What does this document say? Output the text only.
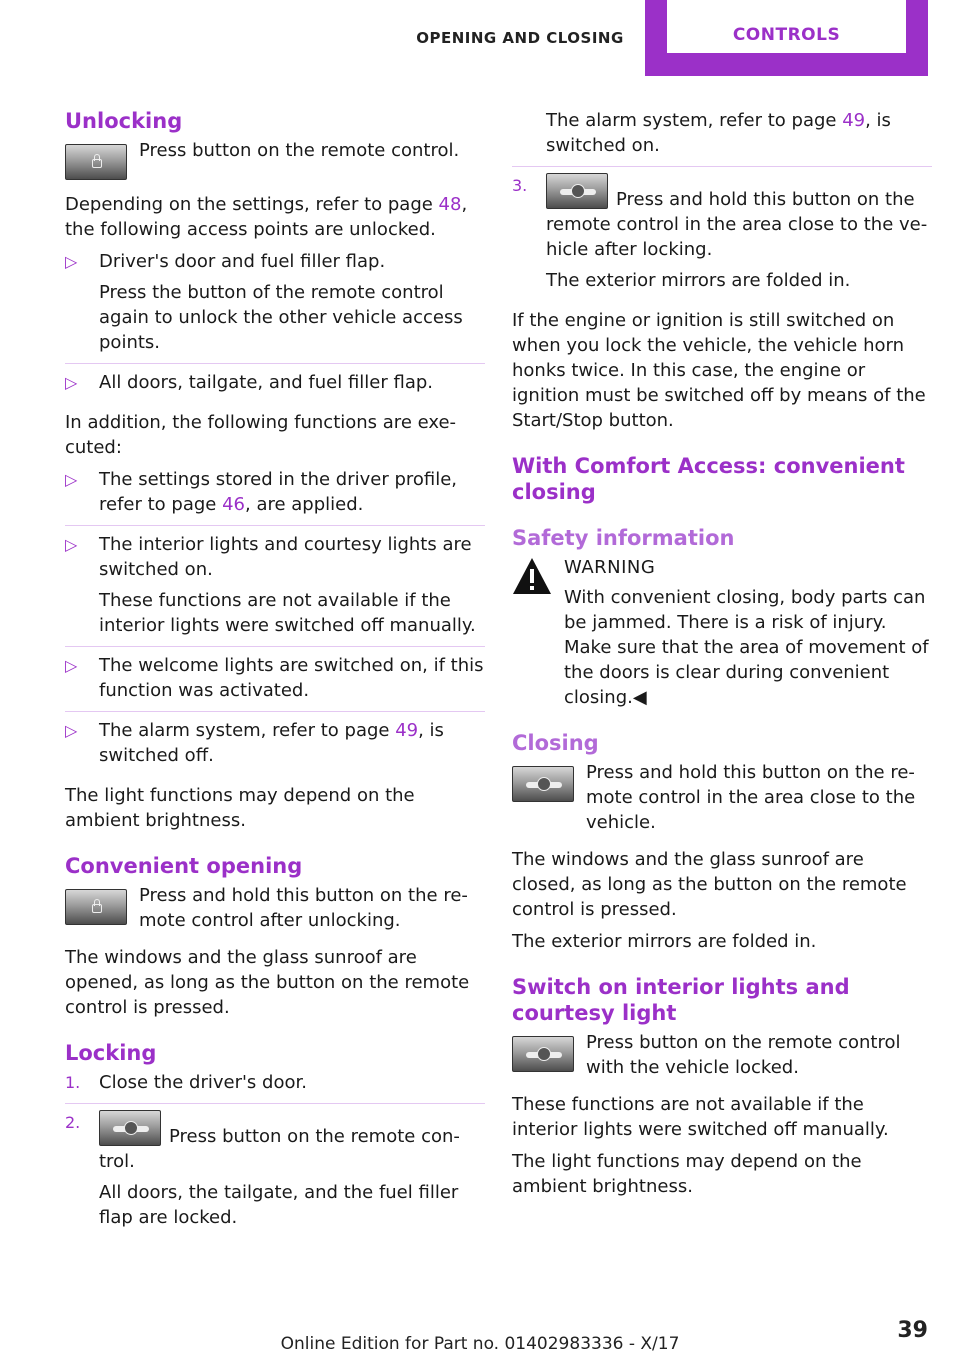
OPENING AND CLOSING	CONTROLS
Unlocking
Press button on the remote control.

Depending on the settings, refer to page 48, the following access points are unlocked.

▷ Driver's door and fuel filler flap.
Press the button of the remote control again to unlock the other vehicle access points.
▷ All doors, tailgate, and fuel filler flap.

In addition, the following functions are executed:

▷ The settings stored in the driver profile, refer to page 46, are applied.
▷ The interior lights and courtesy lights are switched on.
These functions are not available if the interior lights were switched off manually.
▷ The welcome lights are switched on, if this function was activated.
▷ The alarm system, refer to page 49, is switched off.

The light functions may depend on the ambient brightness.

Convenient opening
Press and hold this button on the remote control after unlocking.

The windows and the glass sunroof are opened, as long as the button on the remote control is pressed.

Locking
1. Close the driver's door.
2.
Press button on the remote control.
All doors, the tailgate, and the fuel filler flap are locked.
The alarm system, refer to page 49, is switched on.
3.
Press and hold this button on the remote control in the area close to the vehicle after locking.
The exterior mirrors are folded in.

If the engine or ignition is still switched on when you lock the vehicle, the vehicle horn honks twice. In this case, the engine or ignition must be switched off by means of the Start/Stop button.

With Comfort Access: convenient closing
Safety information
WARNING

With convenient closing, body parts can be jammed. There is a risk of injury. Make sure that the area of movement of the doors is clear during convenient closing.◀

Closing
Press and hold this button on the remote control in the area close to the vehicle.

The windows and the glass sunroof are closed, as long as the button on the remote control is pressed.

The exterior mirrors are folded in.

Switch on interior lights and courtesy light
Press button on the remote control with the vehicle locked.

These functions are not available if the interior lights were switched off manually.

The light functions may depend on the ambient brightness.

Online Edition for Part no. 01402983336 - X/17
39
